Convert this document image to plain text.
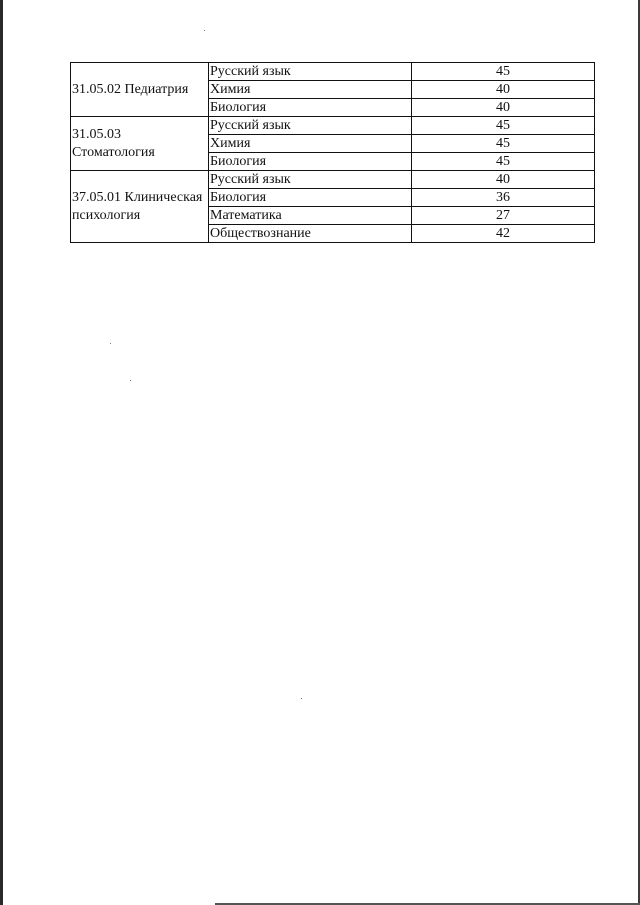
31.05.02 Педиатрия	Русский язык	45
	Химия	40
	Биология	40
31.05.03 Стоматология	Русский язык	45
	Химия	45
	Биология	45
37.05.01 Клиническая психология	Русский язык	40
	Биология	36
	Математика	27
	Обществознание	42
